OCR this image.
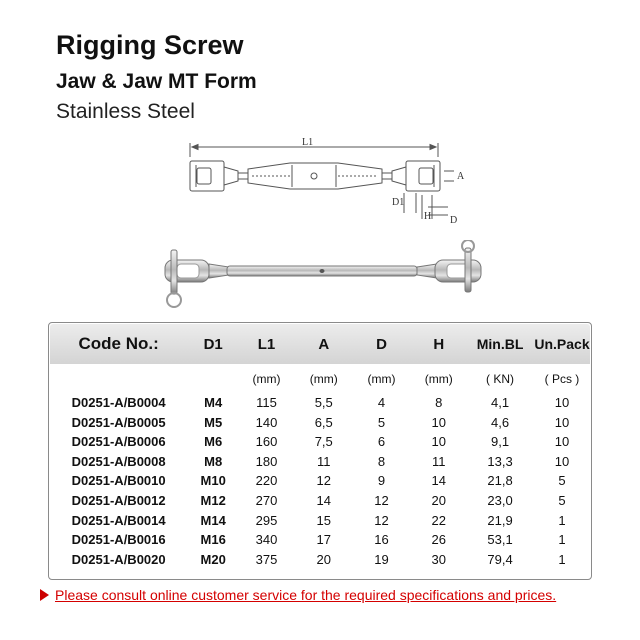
Rigging Screw
Jaw & Jaw MT Form
Stainless Steel
L1
A
D1
H D
Code No.:	D1	L1	A	D	H	Min.BL	Un.Pack
		(mm)	(mm)	(mm)	(mm)	( KN)	( Pcs )
D0251-A/B0004	M4	115	5,5	4	8	4,1	10
D0251-A/B0005	M5	140	6,5	5	10	4,6	10
D0251-A/B0006	M6	160	7,5	6	10	9,1	10
D0251-A/B0008	M8	180	11	8	11	13,3	10
D0251-A/B0010	M10	220	12	9	14	21,8	5
D0251-A/B0012	M12	270	14	12	20	23,0	5
D0251-A/B0014	M14	295	15	12	22	21,9	1
D0251-A/B0016	M16	340	17	16	26	53,1	1
D0251-A/B0020	M20	375	20	19	30	79,4	1
Please consult online customer service for the required specifications and prices.
